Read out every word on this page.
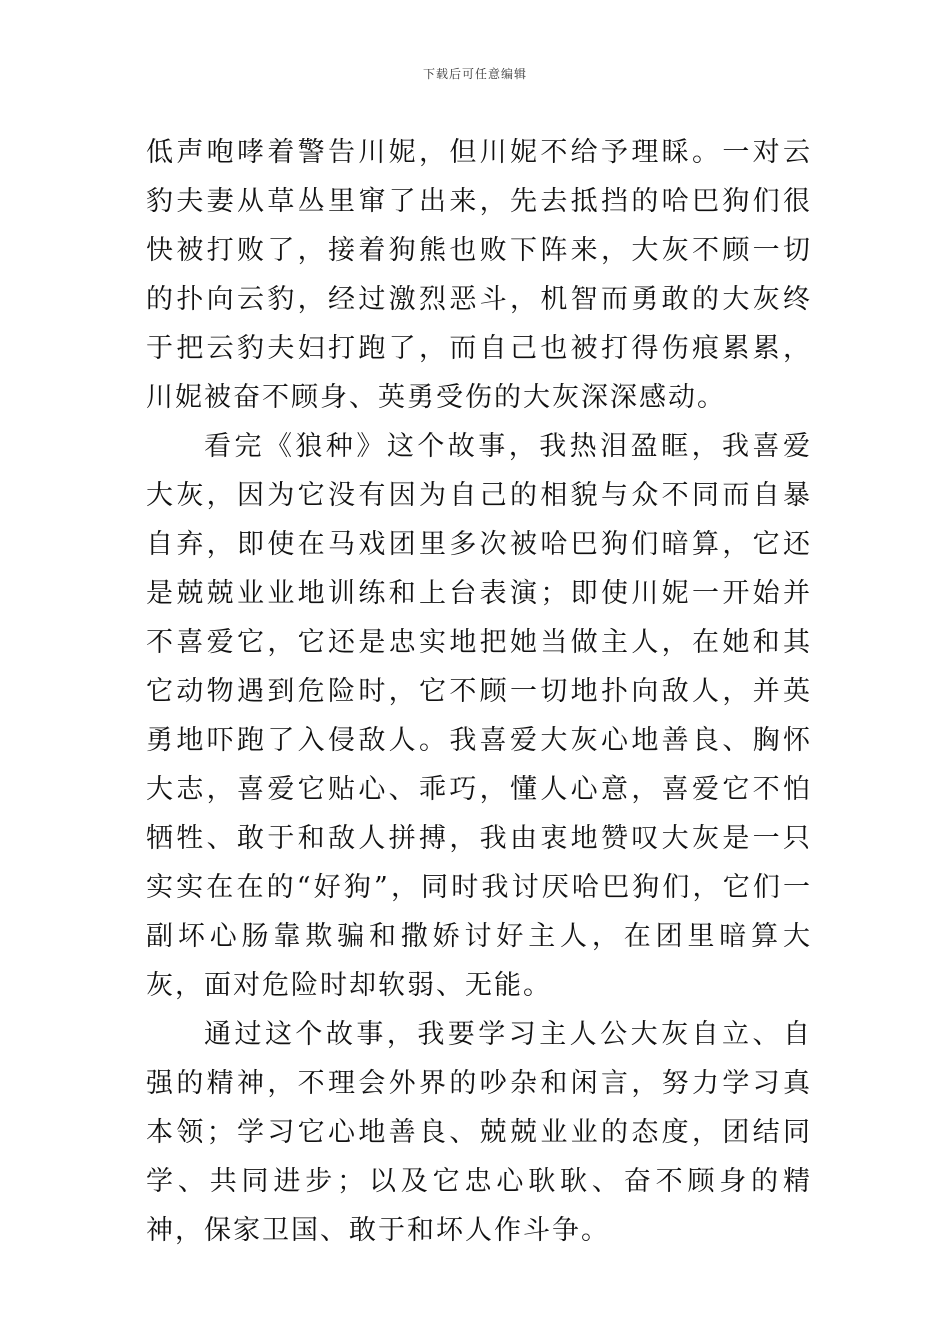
下载后可任意编辑

低声咆哮着警告川妮，但川妮不给予理睬。一对云豹夫妻从草丛里窜了出来，先去抵挡的哈巴狗们很快被打败了，接着狗熊也败下阵来，大灰不顾一切的扑向云豹，经过激烈恶斗，机智而勇敢的大灰终于把云豹夫妇打跑了，而自己也被打得伤痕累累，川妮被奋不顾身、英勇受伤的大灰深深感动。

看完《狼种》这个故事，我热泪盈眶，我喜爱大灰，因为它没有因为自己的相貌与众不同而自暴自弃，即使在马戏团里多次被哈巴狗们暗算，它还是兢兢业业地训练和上台表演；即使川妮一开始并不喜爱它，它还是忠实地把她当做主人，在她和其它动物遇到危险时，它不顾一切地扑向敌人，并英勇地吓跑了入侵敌人。我喜爱大灰心地善良、胸怀大志，喜爱它贴心、乖巧，懂人心意，喜爱它不怕牺牲、敢于和敌人拼搏，我由衷地赞叹大灰是一只实实在在的“好狗”，同时我讨厌哈巴狗们，它们一副坏心肠靠欺骗和撒娇讨好主人，在团里暗算大灰，面对危险时却软弱、无能。

通过这个故事，我要学习主人公大灰自立、自强的精神，不理会外界的吵杂和闲言，努力学习真本领；学习它心地善良、兢兢业业的态度，团结同学、共同进步；以及它忠心耿耿、奋不顾身的精神，保家卫国、敢于和坏人作斗争。
